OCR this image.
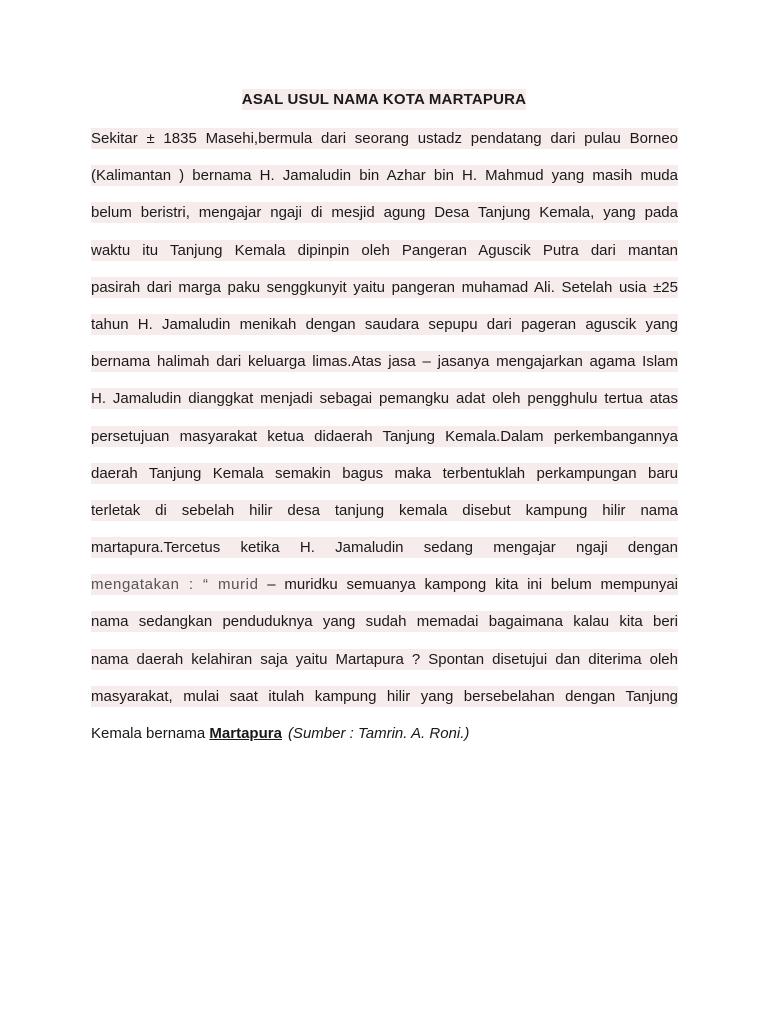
ASAL USUL NAMA KOTA MARTAPURA
Sekitar ± 1835 Masehi,bermula dari seorang ustadz pendatang dari pulau Borneo
(Kalimantan ) bernama H. Jamaludin bin Azhar bin H. Mahmud yang masih muda
belum beristri, mengajar ngaji di mesjid agung Desa Tanjung Kemala, yang pada
waktu itu Tanjung Kemala dipinpin oleh Pangeran Aguscik Putra dari mantan
pasirah dari marga paku senggkunyit yaitu pangeran muhamad Ali. Setelah usia ±25
tahun H. Jamaludin menikah dengan saudara sepupu dari pageran aguscik yang
bernama halimah dari keluarga limas.Atas jasa – jasanya mengajarkan agama Islam
H. Jamaludin dianggkat menjadi sebagai pemangku adat oleh pengghulu tertua atas
persetujuan masyarakat ketua didaerah Tanjung Kemala.Dalam perkembangannya
daerah Tanjung Kemala semakin bagus maka terbentuklah perkampungan baru
terletak di sebelah hilir desa tanjung kemala disebut kampung hilir nama
martapura.Tercetus ketika H. Jamaludin sedang mengajar ngaji dengan
mengatakan : “ murid – muridku semuanya kampong kita ini belum mempunyai
nama sedangkan penduduknya yang sudah memadai bagaimana kalau kita beri
nama daerah kelahiran saja yaitu Martapura ? Spontan disetujui dan diterima oleh
masyarakat, mulai saat itulah kampung hilir yang bersebelahan dengan Tanjung
Kemala bernama Martapura (Sumber : Tamrin. A. Roni.)
